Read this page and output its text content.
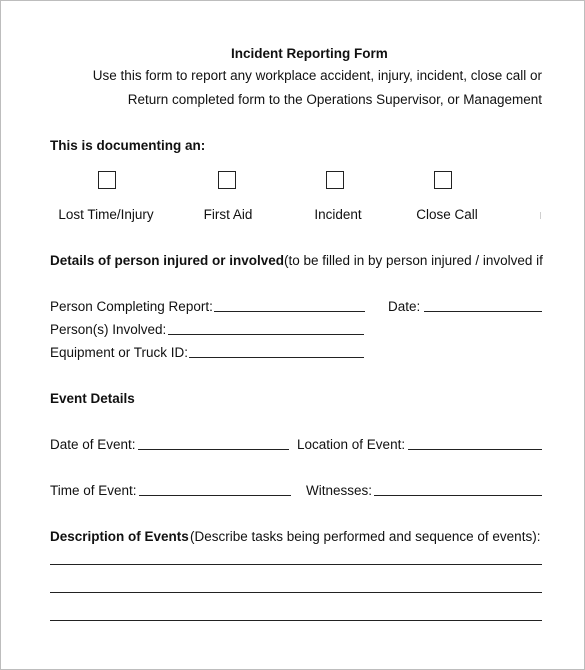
Incident Reporting Form
Use this form to report any workplace accident, injury, incident, close call or
Return completed form to the Operations Supervisor, or Management
This is documenting an:
Lost Time/Injury	First Aid	Incident	Close Call
Details of person injured or involved (to be filled in by person injured / involved if
Person Completing Report:	Date:
Person(s) Involved:
Equipment or Truck ID:
Event Details
Date of Event:	Location of Event:
Time of Event:	Witnesses:
Description of Events (Describe tasks being performed and sequence of events):
